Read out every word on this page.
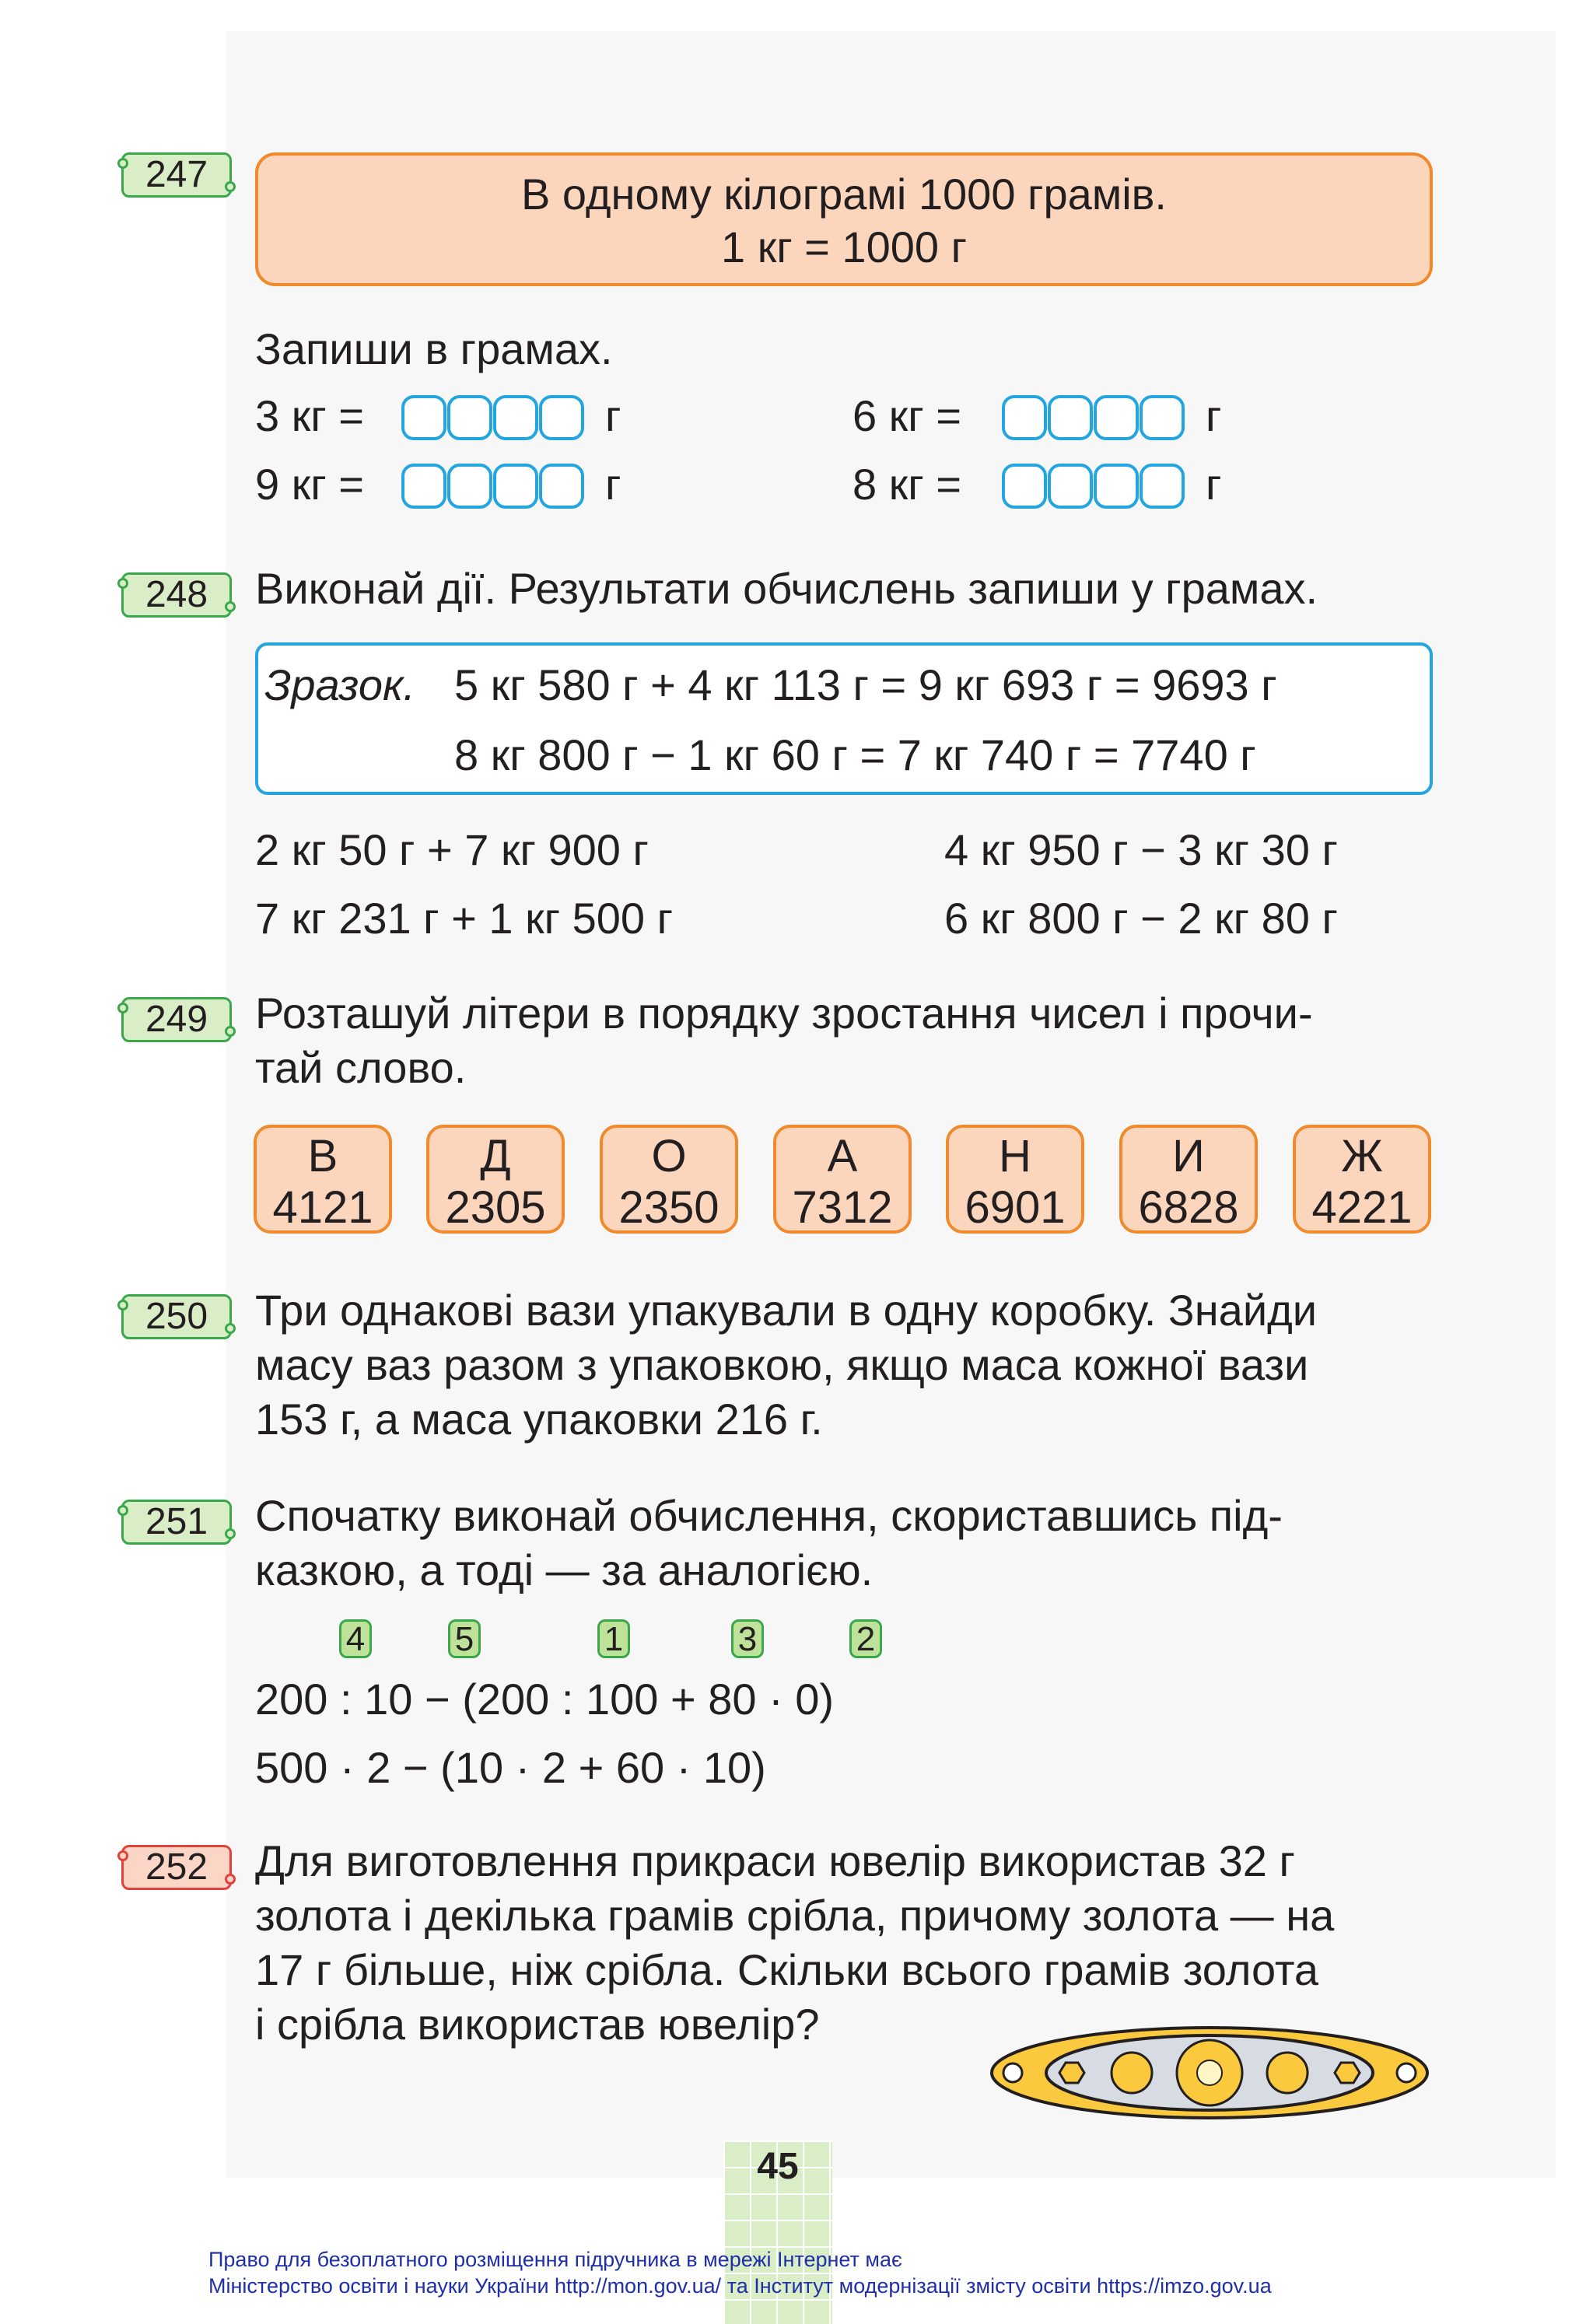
247	В одному кілограмі 1000 грамів.
1 кг = 1000 г
Запиши в грамах.
3 кг =	г	6 кг =	г
9 кг =	г	8 кг =	г
248	Виконай дії. Результати обчислень запиши у грамах.
Зразок. 5 кг 580 г + 4 кг 113 г = 9 кг 693 г = 9693 г
8 кг 800 г − 1 кг 60 г = 7 кг 740 г = 7740 г
2 кг 50 г + 7 кг 900 г	4 кг 950 г − 3 кг 30 г
7 кг 231 г + 1 кг 500 г	6 кг 800 г − 2 кг 80 г
249	Розташуй літери в порядку зростання чисел і прочи-
тай слово.
В
4121
Д
2305
О
2350
А
7312
Н
6901
И
6828
Ж
4221
250	Три однакові вази упакували в одну коробку. Знайди
масу ваз разом з упаковкою, якщо маса кожної вази
153 г, а маса упаковки 216 г.
251	Спочатку виконай обчислення, скориставшись під-
казкою, а тоді — за аналогією.
4	5	1	3	2
200 : 10 − (200 : 100 + 80 · 0)
500 · 2 − (10 · 2 + 60 · 10)
252	Для виготовлення прикраси ювелір використав 32 г
золота і декілька грамів срібла, причому золота — на
17 г більше, ніж срібла. Скільки всього грамів золота
і срібла використав ювелір?
45
Право для безоплатного розміщення підручника в мережі Інтернет має
Міністерство освіти і науки України http://mon.gov.ua/ та Інститут модернізації змісту освіти https://imzo.gov.ua
